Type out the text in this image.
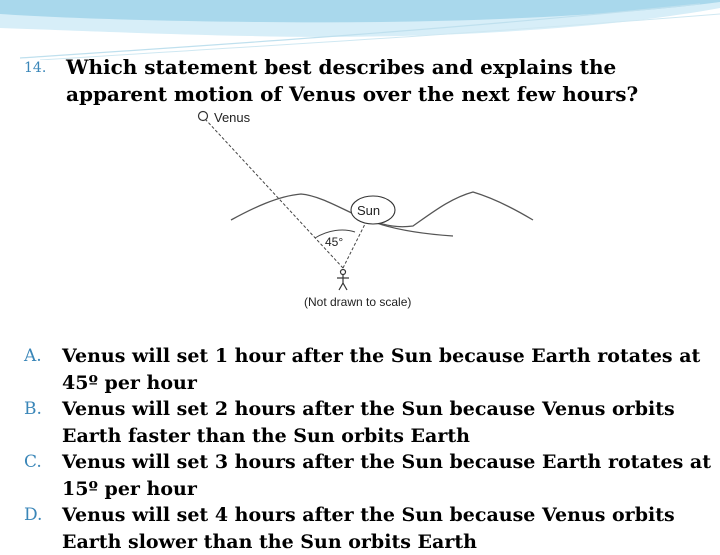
14. Which statement best describes and explains the apparent motion of Venus over the next few hours?
Venus
Sun
45°
(Not drawn to scale)
A. Venus will set 1 hour after the Sun because Earth rotates at 45º per hour
B. Venus will set 2 hours after the Sun because Venus orbits Earth faster than the Sun orbits Earth
C. Venus will set 3 hours after the Sun because Earth rotates at 15º per hour
D. Venus will set 4 hours after the Sun because Venus orbits Earth slower than the Sun orbits Earth
